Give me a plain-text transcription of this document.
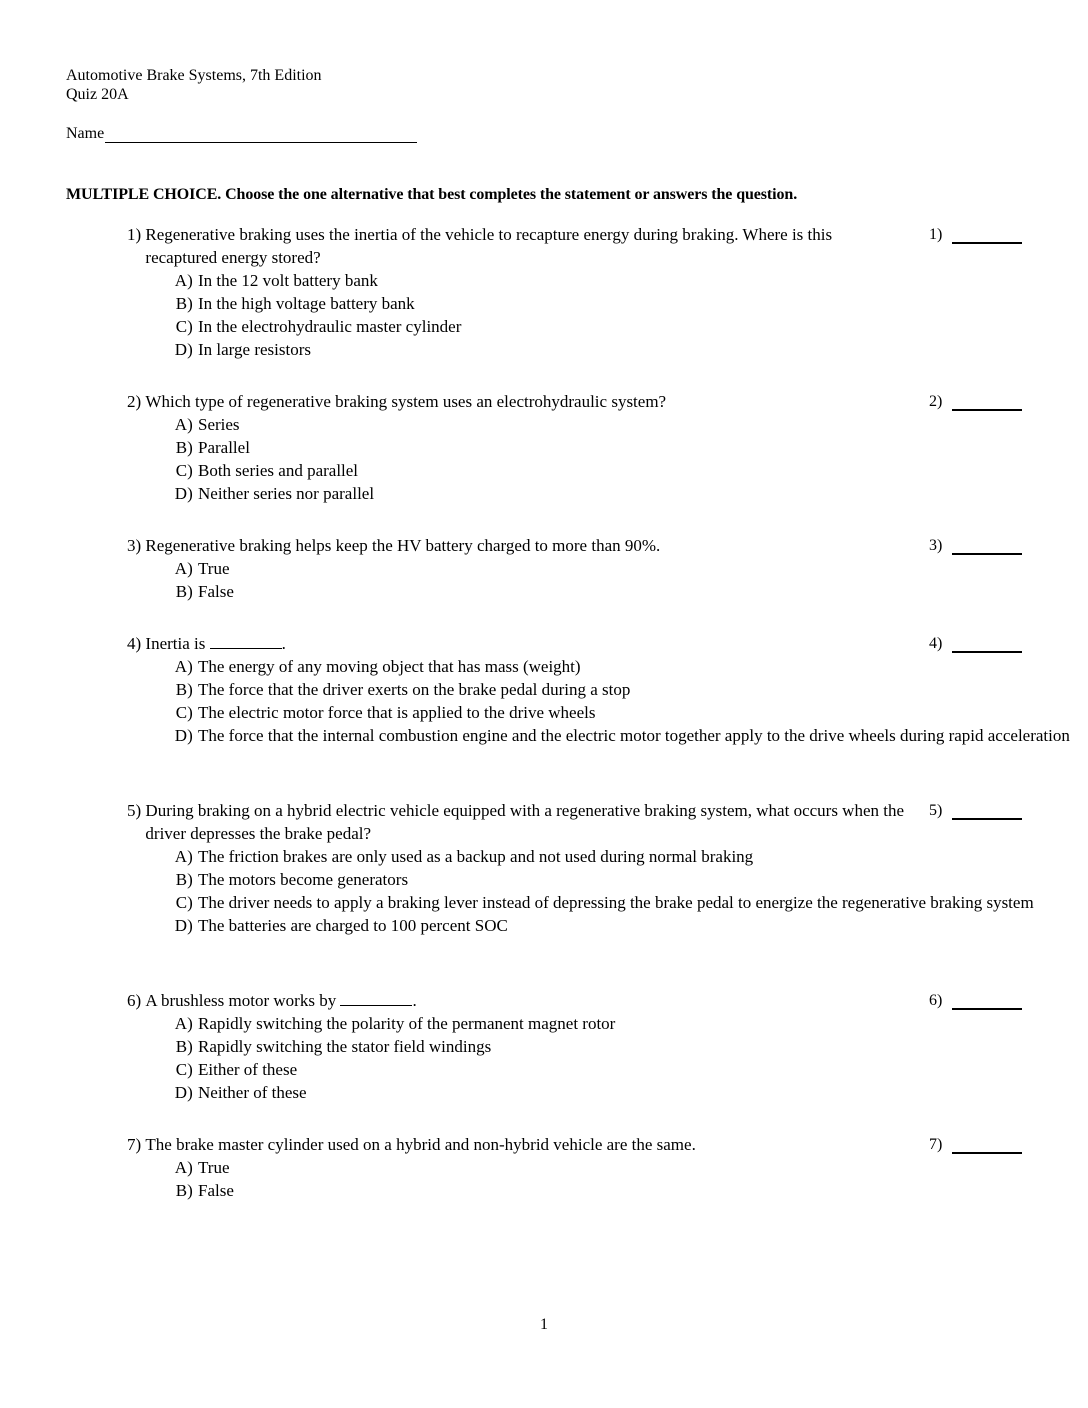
Automotive Brake Systems, 7th Edition
Quiz 20A
Name
MULTIPLE CHOICE. Choose the one alternative that best completes the statement or answers the question.
1) Regenerative braking uses the inertia of the vehicle to recapture energy during braking. Where is this recaptured energy stored?
A) In the 12 volt battery bank
B) In the high voltage battery bank
C) In the electrohydraulic master cylinder
D) In large resistors
1)
2) Which type of regenerative braking system uses an electrohydraulic system?
A) Series
B) Parallel
C) Both series and parallel
D) Neither series nor parallel
2)
3) Regenerative braking helps keep the HV battery charged to more than 90%.
A) True
B) False
3)
4) Inertia is	.
A) The energy of any moving object that has mass (weight)
B) The force that the driver exerts on the brake pedal during a stop
C) The electric motor force that is applied to the drive wheels
D) The force that the internal combustion engine and the electric motor together apply to the drive wheels during rapid acceleration
4)
5) During braking on a hybrid electric vehicle equipped with a regenerative braking system, what occurs when the driver depresses the brake pedal?
A) The friction brakes are only used as a backup and not used during normal braking
B) The motors become generators
C) The driver needs to apply a braking lever instead of depressing the brake pedal to energize the regenerative braking system
D) The batteries are charged to 100 percent SOC
5)
6) A brushless motor works by	.
A) Rapidly switching the polarity of the permanent magnet rotor
B) Rapidly switching the stator field windings
C) Either of these
D) Neither of these
6)
7) The brake master cylinder used on a hybrid and non-hybrid vehicle are the same.
A) True
B) False
7)
1
